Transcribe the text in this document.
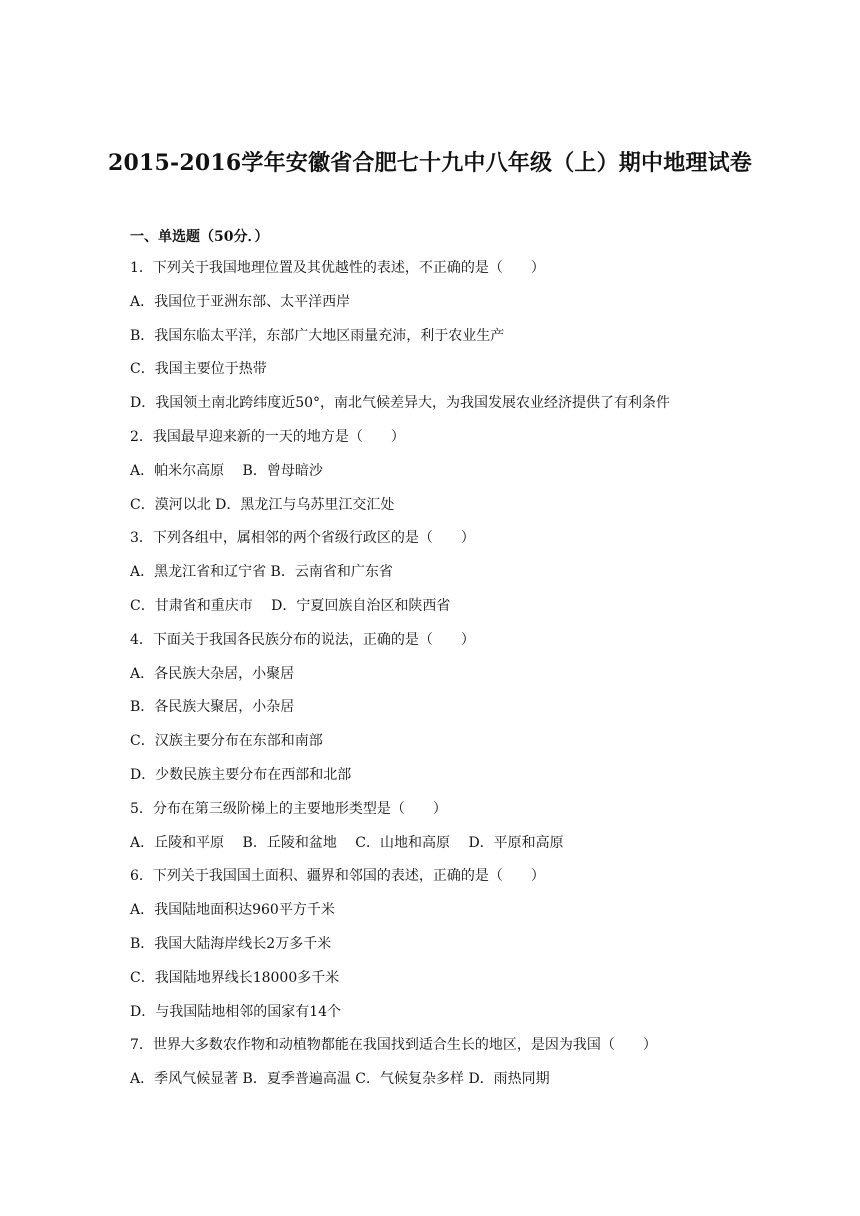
2015-2016学年安徽省合肥七十九中八年级（上）期中地理试卷
一、单选题（50分．）
1．下列关于我国地理位置及其优越性的表述，不正确的是（　　）
A．我国位于亚洲东部、太平洋西岸
B．我国东临太平洋，东部广大地区雨量充沛，利于农业生产
C．我国主要位于热带
D．我国领土南北跨纬度近50°，南北气候差异大，为我国发展农业经济提供了有利条件
2．我国最早迎来新的一天的地方是（　　）
A．帕米尔高原　 B．曾母暗沙
C．漠河以北 D．黑龙江与乌苏里江交汇处
3．下列各组中，属相邻的两个省级行政区的是（　　）
A．黑龙江省和辽宁省 B．云南省和广东省
C．甘肃省和重庆市　 D．宁夏回族自治区和陕西省
4．下面关于我国各民族分布的说法，正确的是（　　）
A．各民族大杂居，小聚居
B．各民族大聚居，小杂居
C．汉族主要分布在东部和南部
D．少数民族主要分布在西部和北部
5．分布在第三级阶梯上的主要地形类型是（　　）
A．丘陵和平原　 B．丘陵和盆地　 C．山地和高原　 D．平原和高原
6．下列关于我国国土面积、疆界和邻国的表述，正确的是（　　）
A．我国陆地面积达960平方千米
B．我国大陆海岸线长2万多千米
C．我国陆地界线长18000多千米
D．与我国陆地相邻的国家有14个
7．世界大多数农作物和动植物都能在我国找到适合生长的地区，是因为我国（　　）
A．季风气候显著 B．夏季普遍高温 C．气候复杂多样 D．雨热同期
